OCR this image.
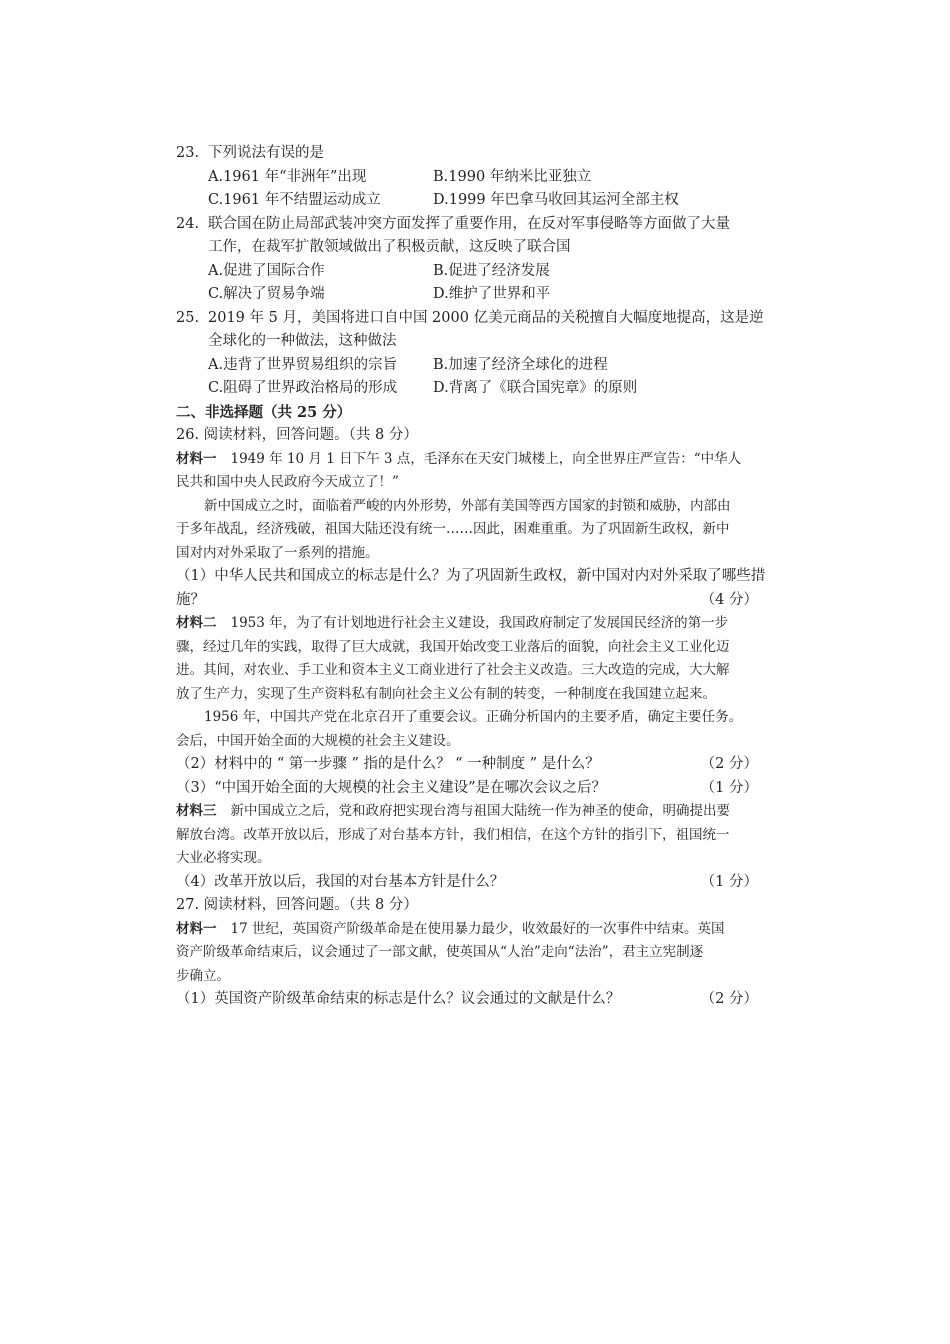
23. 下列说法有误的是
A.1961 年“非洲年”出现	B.1990 年纳米比亚独立
C.1961 年不结盟运动成立	D.1999 年巴拿马收回其运河全部主权
24. 联合国在防止局部武装冲突方面发挥了重要作用，在反对军事侵略等方面做了大量
工作，在裁军扩散领域做出了积极贡献，这反映了联合国
A.促进了国际合作	B.促进了经济发展
C.解决了贸易争端	D.维护了世界和平
25. 2019 年 5 月，美国将进口自中国 2000 亿美元商品的关税擅自大幅度地提高，这是逆
全球化的一种做法，这种做法
A.违背了世界贸易组织的宗旨	B.加速了经济全球化的进程
C.阻碍了世界政治格局的形成	D.背离了《联合国宪章》的原则
二、非选择题（共 25 分）
26. 阅读材料，回答问题。（共 8 分）
材料一 1949 年 10 月 1 日下午 3 点，毛泽东在天安门城楼上，向全世界庄严宣告：“中华人
民共和国中央人民政府今天成立了！”
新中国成立之时，面临着严峻的内外形势，外部有美国等西方国家的封锁和威胁，内部由
于多年战乱，经济残破，祖国大陆还没有统一……因此，困难重重。为了巩固新生政权，新中
国对内对外采取了一系列的措施。
（1）中华人民共和国成立的标志是什么？为了巩固新生政权，新中国对内对外采取了哪些措
施？	（4 分）
材料二 1953 年，为了有计划地进行社会主义建设，我国政府制定了发展国民经济的第一步
骤，经过几年的实践，取得了巨大成就，我国开始改变工业落后的面貌，向社会主义工业化迈
进。其间，对农业、手工业和资本主义工商业进行了社会主义改造。三大改造的完成，大大解
放了生产力，实现了生产资料私有制向社会主义公有制的转变，一种制度在我国建立起来。
1956 年，中国共产党在北京召开了重要会议。正确分析国内的主要矛盾，确定主要任务。
会后，中国开始全面的大规模的社会主义建设。
（2）材料中的 “ 第一步骤 ” 指的是什么？ “ 一种制度 ” 是什么？	（2 分）
（3）“中国开始全面的大规模的社会主义建设”是在哪次会议之后？	（1 分）
材料三 新中国成立之后，党和政府把实现台湾与祖国大陆统一作为神圣的使命，明确提出要
解放台湾。改革开放以后，形成了对台基本方针，我们相信，在这个方针的指引下，祖国统一
大业必将实现。
（4）改革开放以后，我国的对台基本方针是什么？	（1 分）
27. 阅读材料，回答问题。（共 8 分）
材料一 17 世纪，英国资产阶级革命是在使用暴力最少，收效最好的一次事件中结束。英国
资产阶级革命结束后，议会通过了一部文献，使英国从“人治”走向“法治”，君主立宪制逐
步确立。
（1）英国资产阶级革命结束的标志是什么？议会通过的文献是什么？	（2 分）
